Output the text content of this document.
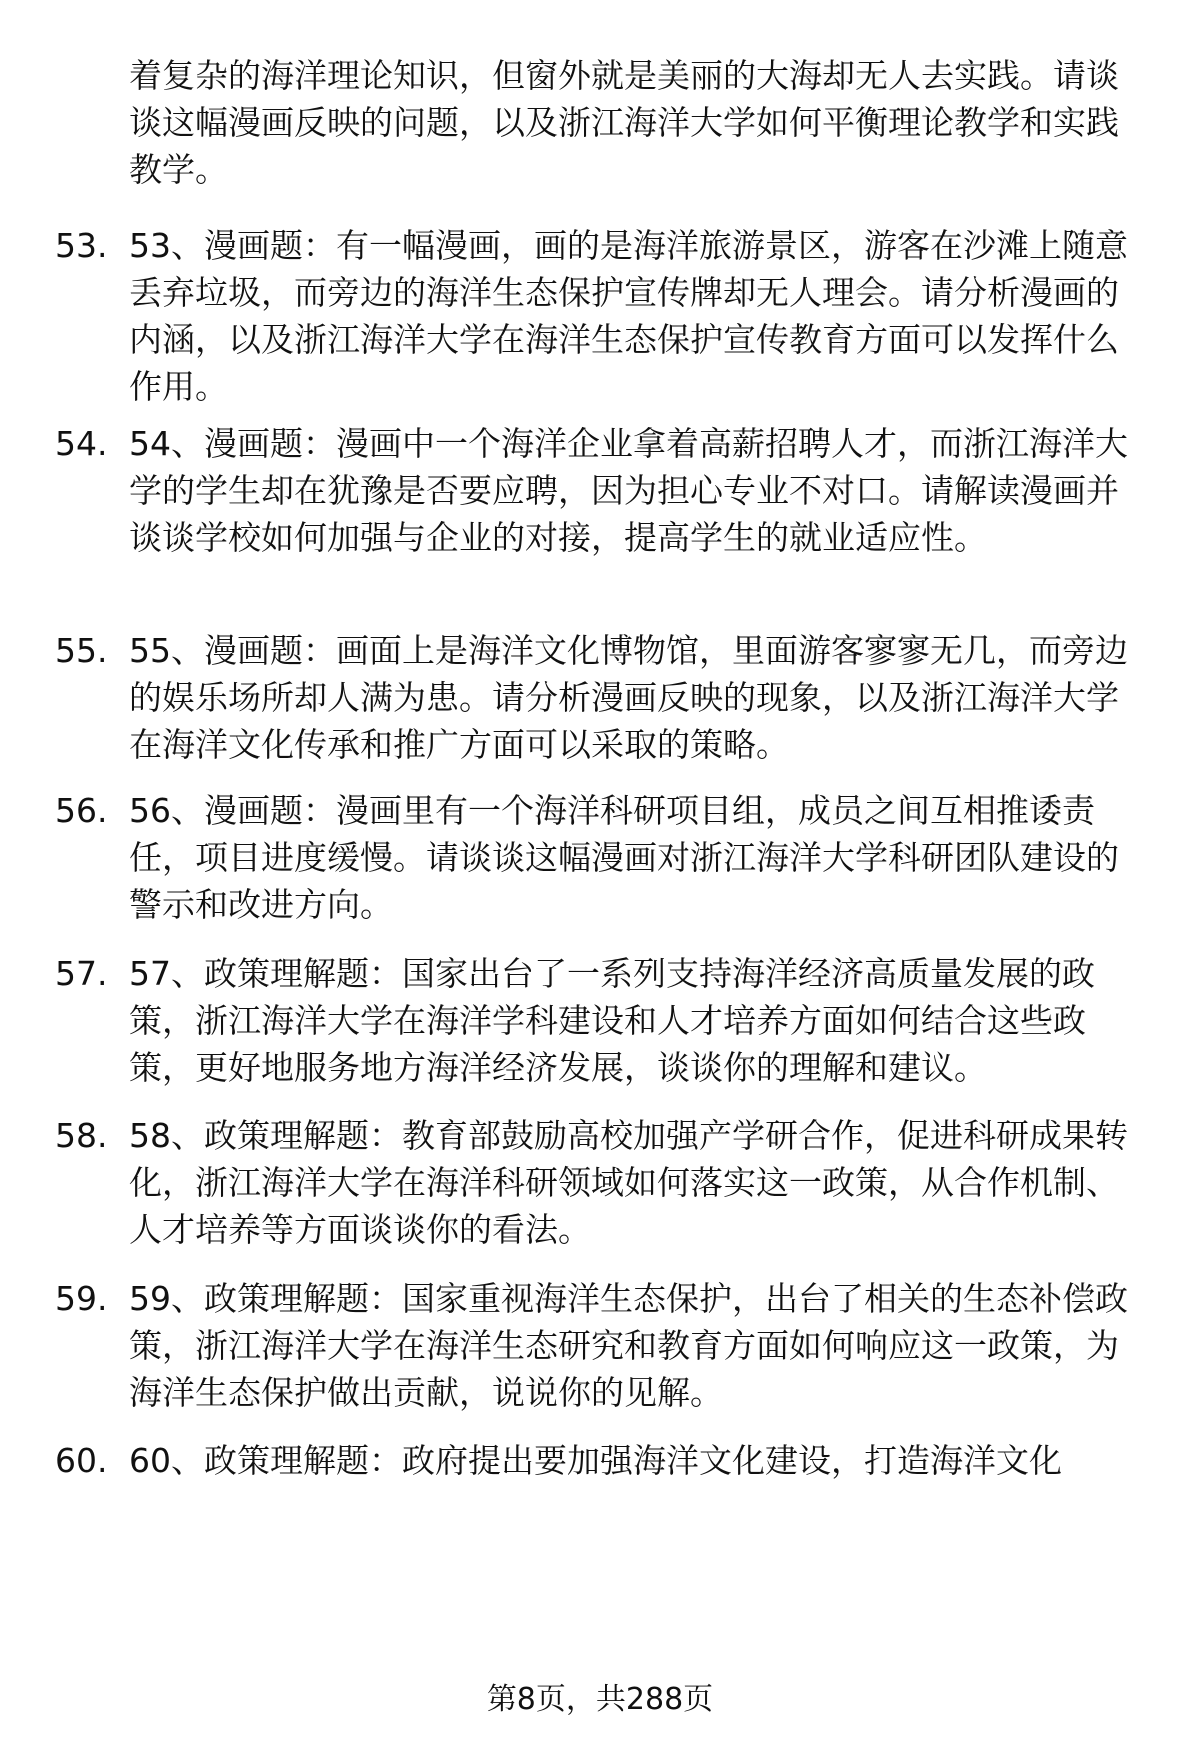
着复杂的海洋理论知识，但窗外就是美丽的大海却无人去实践。请谈谈这幅漫画反映的问题，以及浙江海洋大学如何平衡理论教学和实践教学。
53. 53、漫画题：有一幅漫画，画的是海洋旅游景区，游客在沙滩上随意丢弃垃圾，而旁边的海洋生态保护宣传牌却无人理会。请分析漫画的内涵，以及浙江海洋大学在海洋生态保护宣传教育方面可以发挥什么作用。
54. 54、漫画题：漫画中一个海洋企业拿着高薪招聘人才，而浙江海洋大学的学生却在犹豫是否要应聘，因为担心专业不对口。请解读漫画并谈谈学校如何加强与企业的对接，提高学生的就业适应性。
55. 55、漫画题：画面上是海洋文化博物馆，里面游客寥寥无几，而旁边的娱乐场所却人满为患。请分析漫画反映的现象，以及浙江海洋大学在海洋文化传承和推广方面可以采取的策略。
56. 56、漫画题：漫画里有一个海洋科研项目组，成员之间互相推诿责任，项目进度缓慢。请谈谈这幅漫画对浙江海洋大学科研团队建设的警示和改进方向。
57. 57、政策理解题：国家出台了一系列支持海洋经济高质量发展的政策，浙江海洋大学在海洋学科建设和人才培养方面如何结合这些政策，更好地服务地方海洋经济发展，谈谈你的理解和建议。
58. 58、政策理解题：教育部鼓励高校加强产学研合作，促进科研成果转化，浙江海洋大学在海洋科研领域如何落实这一政策，从合作机制、人才培养等方面谈谈你的看法。
59. 59、政策理解题：国家重视海洋生态保护，出台了相关的生态补偿政策，浙江海洋大学在海洋生态研究和教育方面如何响应这一政策，为海洋生态保护做出贡献，说说你的见解。
60. 60、政策理解题：政府提出要加强海洋文化建设，打造海洋文化
第8页，共288页
